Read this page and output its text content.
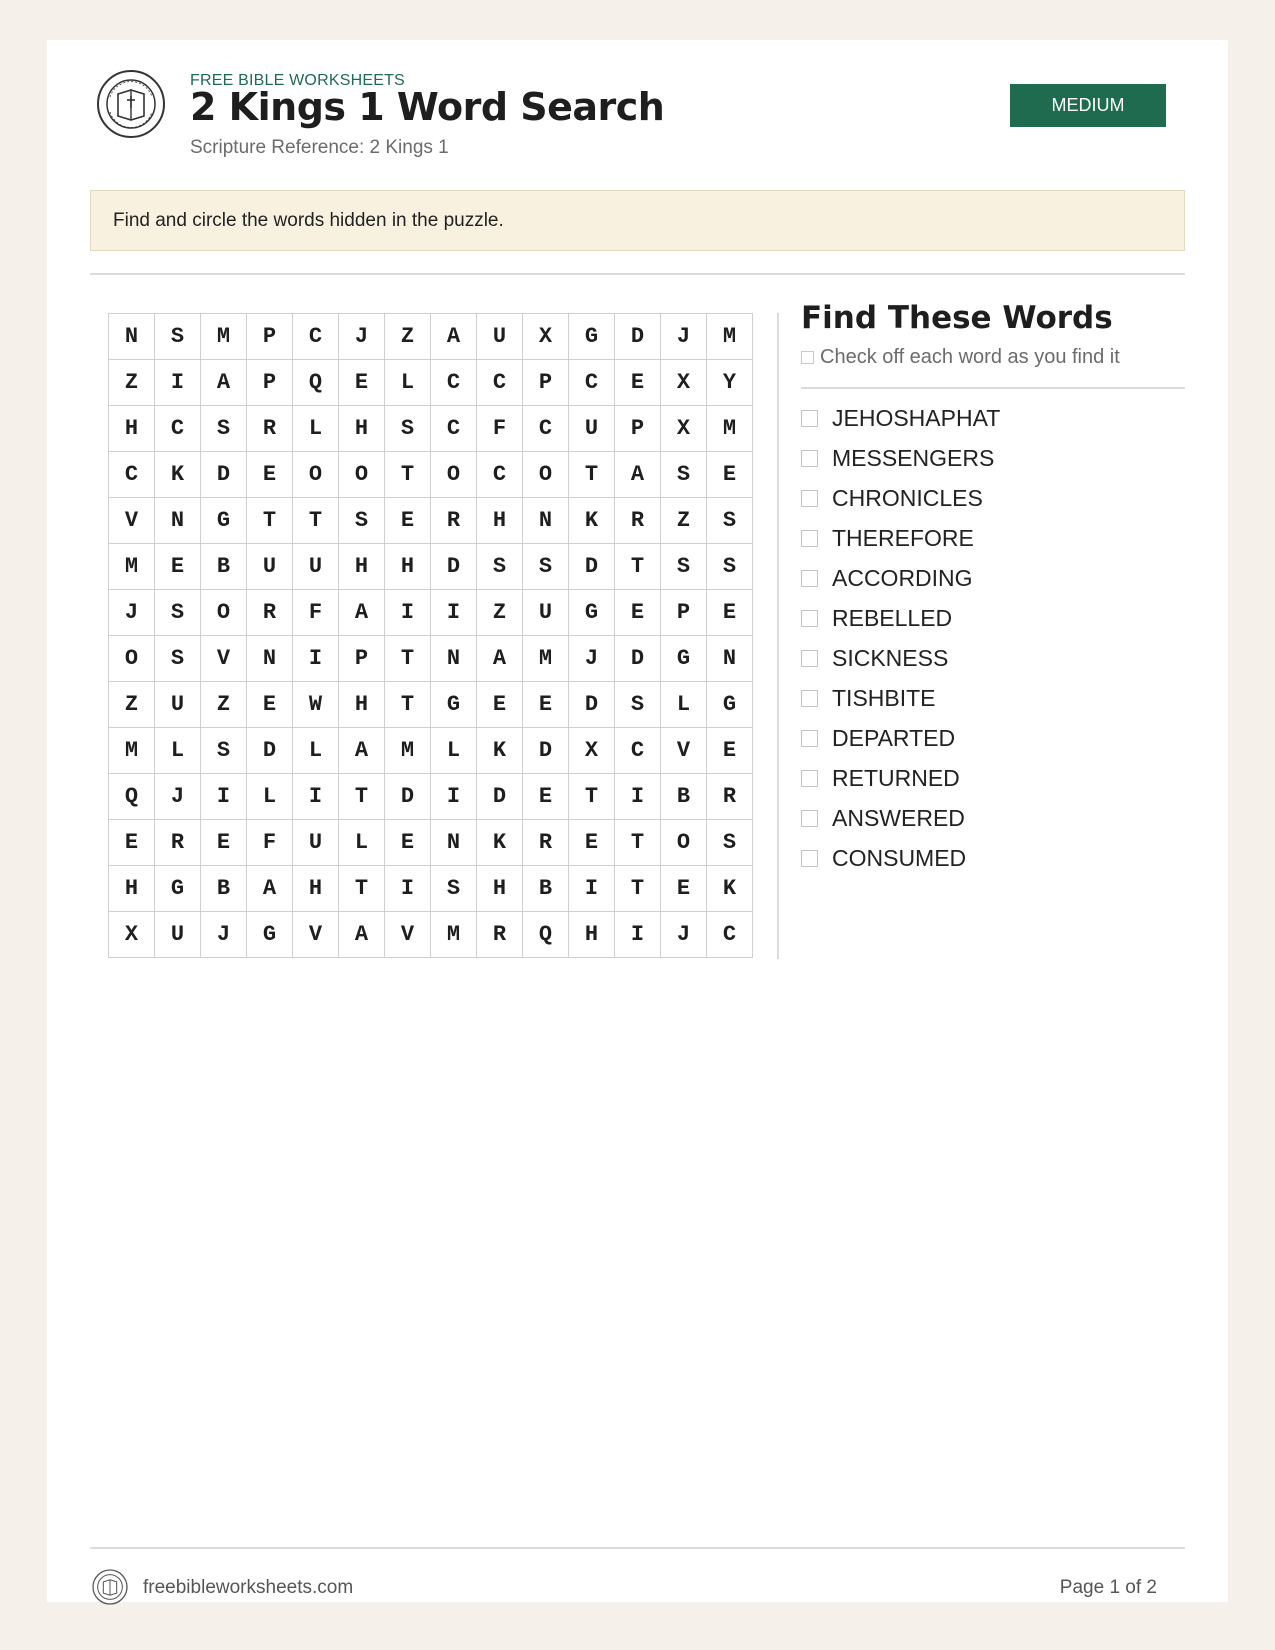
FREE BIBLE WORKSHEETS
2 Kings 1 Word Search
Scripture Reference: 2 Kings 1
MEDIUM
Find and circle the words hidden in the puzzle.
N	S	M	P	C	J	Z	A	U	X	G	D	J	M
Z	I	A	P	Q	E	L	C	C	P	C	E	X	Y
H	C	S	R	L	H	S	C	F	C	U	P	X	M
C	K	D	E	O	O	T	O	C	O	T	A	S	E
V	N	G	T	T	S	E	R	H	N	K	R	Z	S
M	E	B	U	U	H	H	D	S	S	D	T	S	S
J	S	O	R	F	A	I	I	Z	U	G	E	P	E
O	S	V	N	I	P	T	N	A	M	J	D	G	N
Z	U	Z	E	W	H	T	G	E	E	D	S	L	G
M	L	S	D	L	A	M	L	K	D	X	C	V	E
Q	J	I	L	I	T	D	I	D	E	T	I	B	R
E	R	E	F	U	L	E	N	K	R	E	T	O	S
H	G	B	A	H	T	I	S	H	B	I	T	E	K
X	U	J	G	V	A	V	M	R	Q	H	I	J	C
Find These Words
Check off each word as you find it
JEHOSHAPHAT
MESSENGERS
CHRONICLES
THEREFORE
ACCORDING
REBELLED
SICKNESS
TISHBITE
DEPARTED
RETURNED
ANSWERED
CONSUMED
freebibleworksheets.com	Page 1 of 2
